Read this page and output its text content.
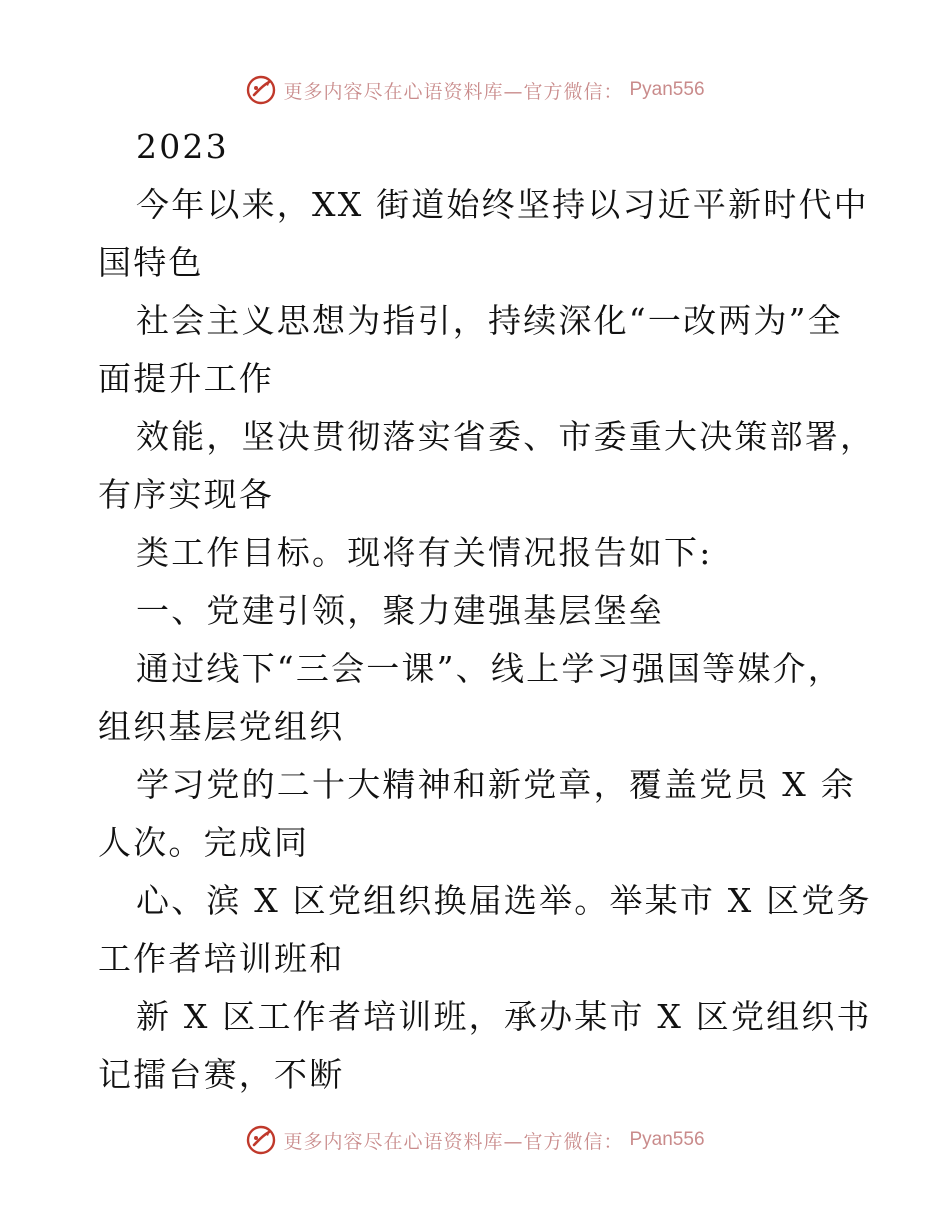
更多内容尽在心语资料库—官方微信： Pyan556
2023
今年以来，XX 街道始终坚持以习近平新时代中
国特色
社会主义思想为指引，持续深化“一改两为”全
面提升工作
效能，坚决贯彻落实省委、市委重大决策部署，
有序实现各
类工作目标。现将有关情况报告如下:
一、党建引领，聚力建强基层堡垒
通过线下“三会一课”、线上学习强国等媒介，
组织基层党组织
学习党的二十大精神和新党章，覆盖党员 X 余
人次。完成同
心、滨 X 区党组织换届选举。举某市 X 区党务
工作者培训班和
新 X 区工作者培训班，承办某市 X 区党组织书
记擂台赛，不断
更多内容尽在心语资料库—官方微信： Pyan556
